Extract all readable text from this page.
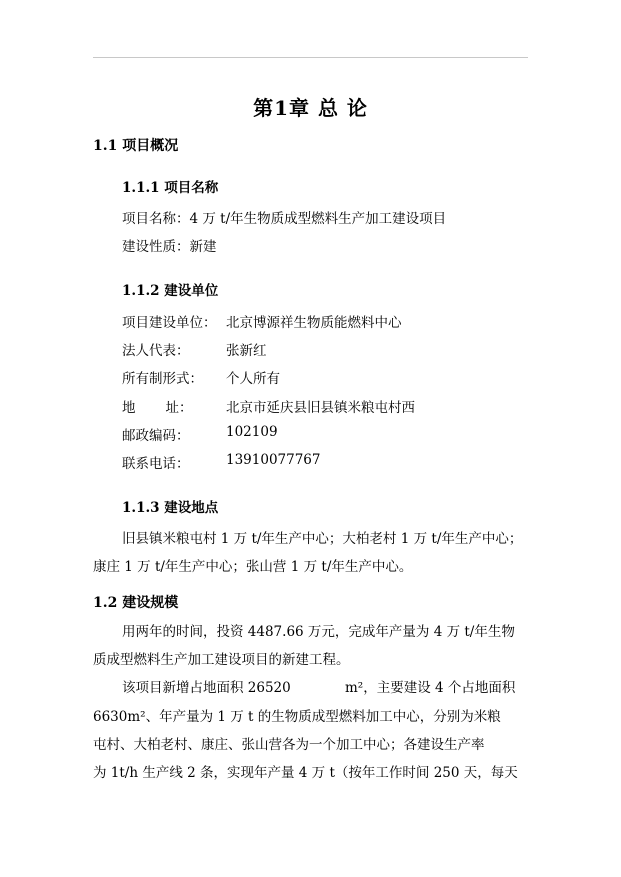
第1章 总 论
1.1 项目概况
1.1.1 项目名称
项目名称：4 万 t/年生物质成型燃料生产加工建设项目
建设性质：新建
1.1.2 建设单位
项目建设单位： 北京博源祥生物质能燃料中心
法人代表：	张新红
所有制形式： 个人所有
地       址： 北京市延庆县旧县镇米粮屯村西
邮政编码：	102109
联系电话：	13910077767
1.1.3 建设地点
旧县镇米粮屯村 1 万 t/年生产中心；大柏老村 1 万 t/年生产中心；
康庄 1 万 t/年生产中心；张山营 1 万 t/年生产中心。
1.2 建设规模
用两年的时间，投资 4487.66 万元，完成年产量为 4 万 t/年生物
质成型燃料生产加工建设项目的新建工程。
该项目新增占地面积 26520	m²，主要建设 4 个占地面积
6630m²、年产量为 1 万 t 的生物质成型燃料加工中心，分别为米粮
屯村、大柏老村、康庄、张山营各为一个加工中心；各建设生产率
为 1t/h 生产线 2 条，实现年产量 4 万 t（按年工作时间 250 天，每天
